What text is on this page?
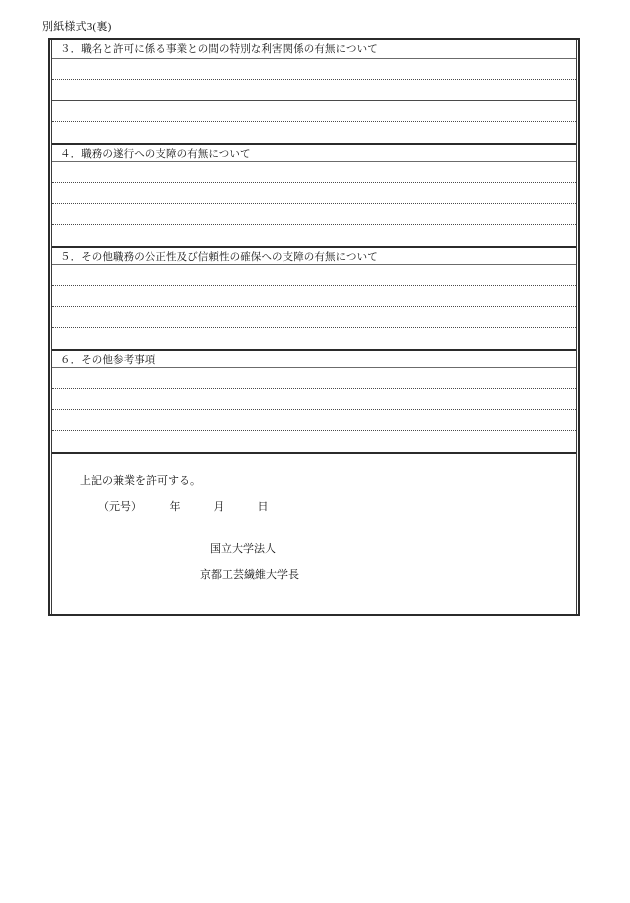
別紙様式3(裏)
３．職名と許可に係る事業との間の特別な利害関係の有無について
４．職務の遂行への支障の有無について
５．その他職務の公正性及び信頼性の確保への支障の有無について
６．その他参考事項
上記の兼業を許可する。
（元号）　　　年　　　月　　　日
国立大学法人
京都工芸繊維大学長
